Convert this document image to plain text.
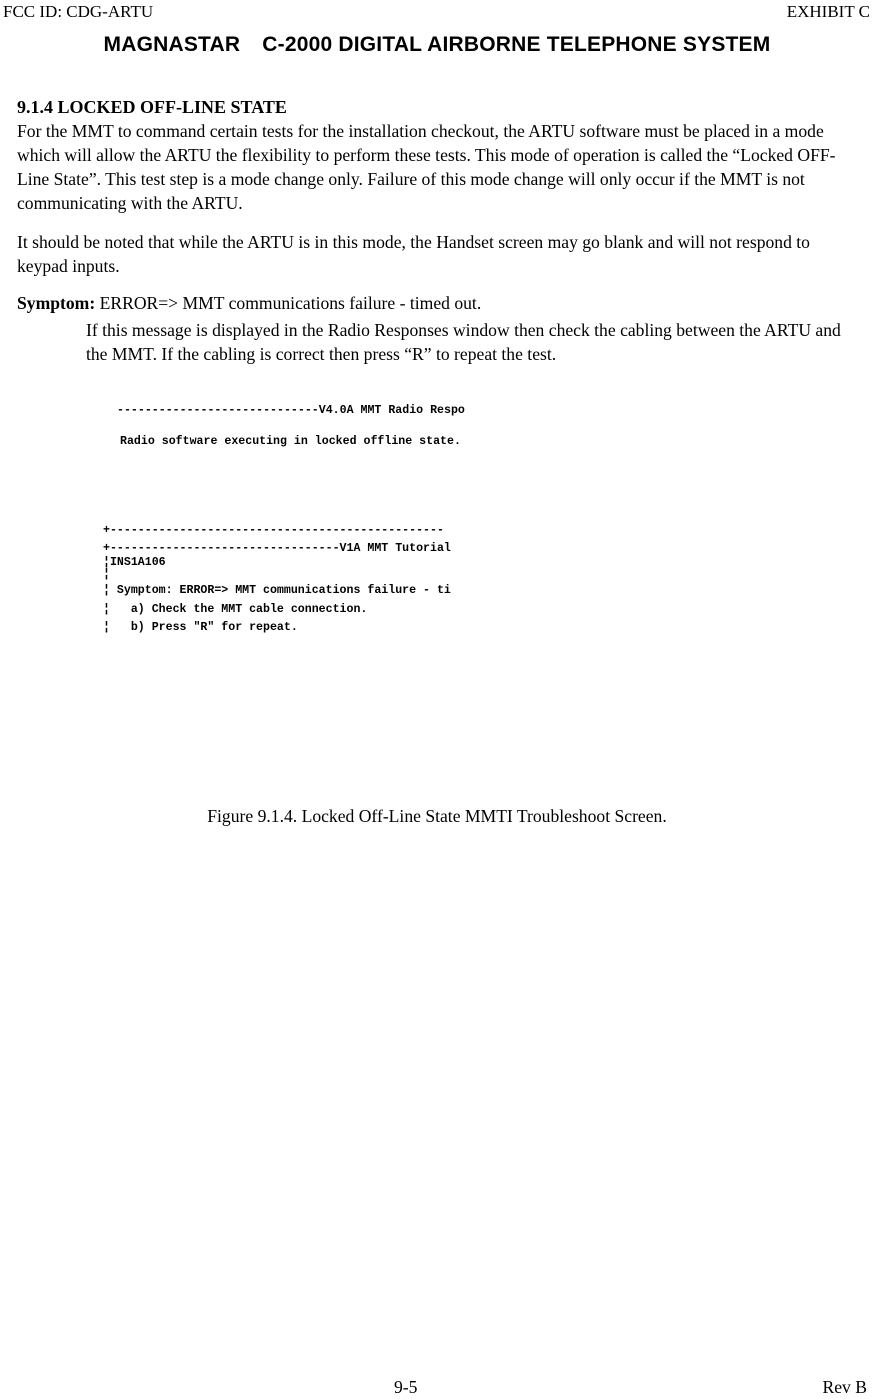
FCC ID: CDG-ARTU	EXHIBIT C
MAGNASTAR C-2000 DIGITAL AIRBORNE TELEPHONE SYSTEM
9.1.4 LOCKED OFF-LINE STATE
For the MMT to command certain tests for the installation checkout, the ARTU software must be placed in a mode which will allow the ARTU the flexibility to perform these tests. This mode of operation is called the “Locked OFF-Line State”. This test step is a mode change only. Failure of this mode change will only occur if the MMT is not communicating with the ARTU.
It should be noted that while the ARTU is in this mode, the Handset screen may go blank and will not respond to keypad inputs.
Symptom: ERROR=> MMT communications failure - timed out.
If this message is displayed in the Radio Responses window then check the cabling between the ARTU and the MMT. If the cabling is correct then press “R” to repeat the test.
-----------------------------V4.0A MMT Radio Respo
Radio software executing in locked offline state.
+------------------------------------------------
+---------------------------------V1A MMT Tutorial
¦INS1A106
¦
¦ Symptom: ERROR=> MMT communications failure - ti
¦   a) Check the MMT cable connection.
¦   b) Press "R" for repeat.
Figure 9.1.4. Locked Off-Line State MMTI Troubleshoot Screen.
9-5	Rev B
